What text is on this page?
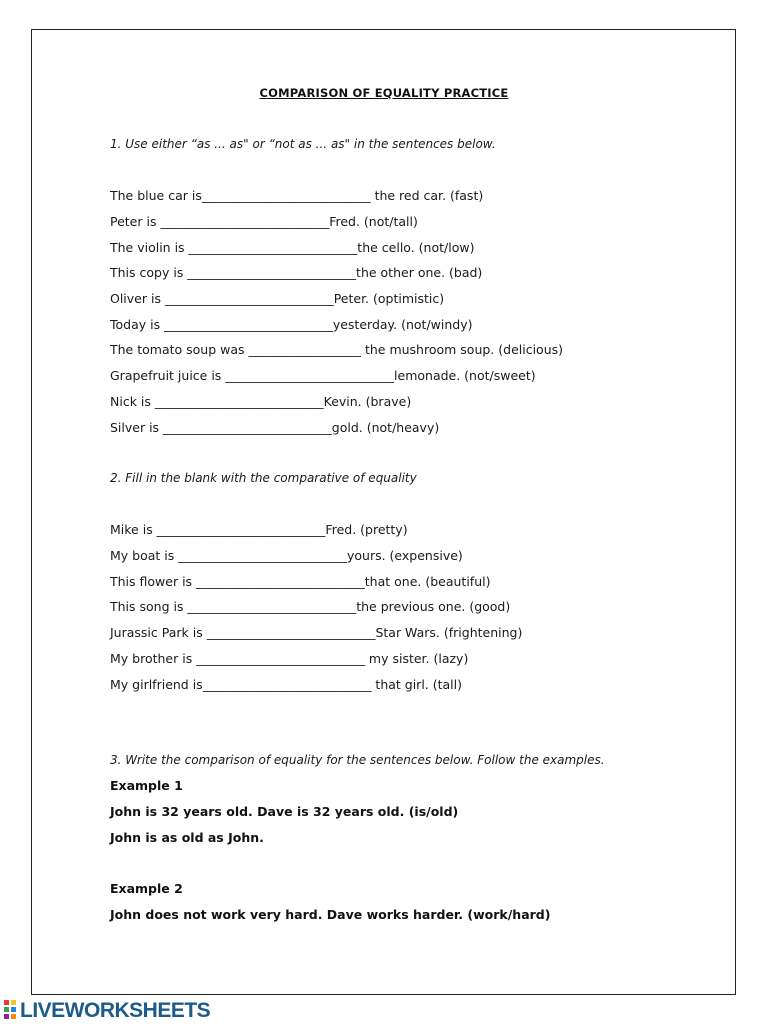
COMPARISON OF EQUALITY PRACTICE

1. Use either “as ... as" or “not as ... as" in the sentences below.

The blue car is___________________________ the red car. (fast)

Peter is ___________________________Fred. (not/tall)

The violin is ___________________________the cello. (not/low)

This copy is ___________________________the other one. (bad)

Oliver is ___________________________Peter. (optimistic)

Today is ___________________________yesterday. (not/windy)

The tomato soup was __________________ the mushroom soup. (delicious)

Grapefruit juice is ___________________________lemonade. (not/sweet)

Nick is ___________________________Kevin. (brave)

Silver is ___________________________gold. (not/heavy)

2. Fill in the blank with the comparative of equality

Mike is ___________________________Fred. (pretty)

My boat is ___________________________yours. (expensive)

This flower is ___________________________that one. (beautiful)

This song is ___________________________the previous one. (good)

Jurassic Park is ___________________________Star Wars. (frightening)

My brother is ___________________________ my sister. (lazy)

My girlfriend is___________________________ that girl. (tall)

3. Write the comparison of equality for the sentences below. Follow the examples.

Example 1

John is 32 years old. Dave is 32 years old. (is/old)

John is as old as John.

Example 2

John does not work very hard. Dave works harder. (work/hard)

LIVEWORKSHEETS
